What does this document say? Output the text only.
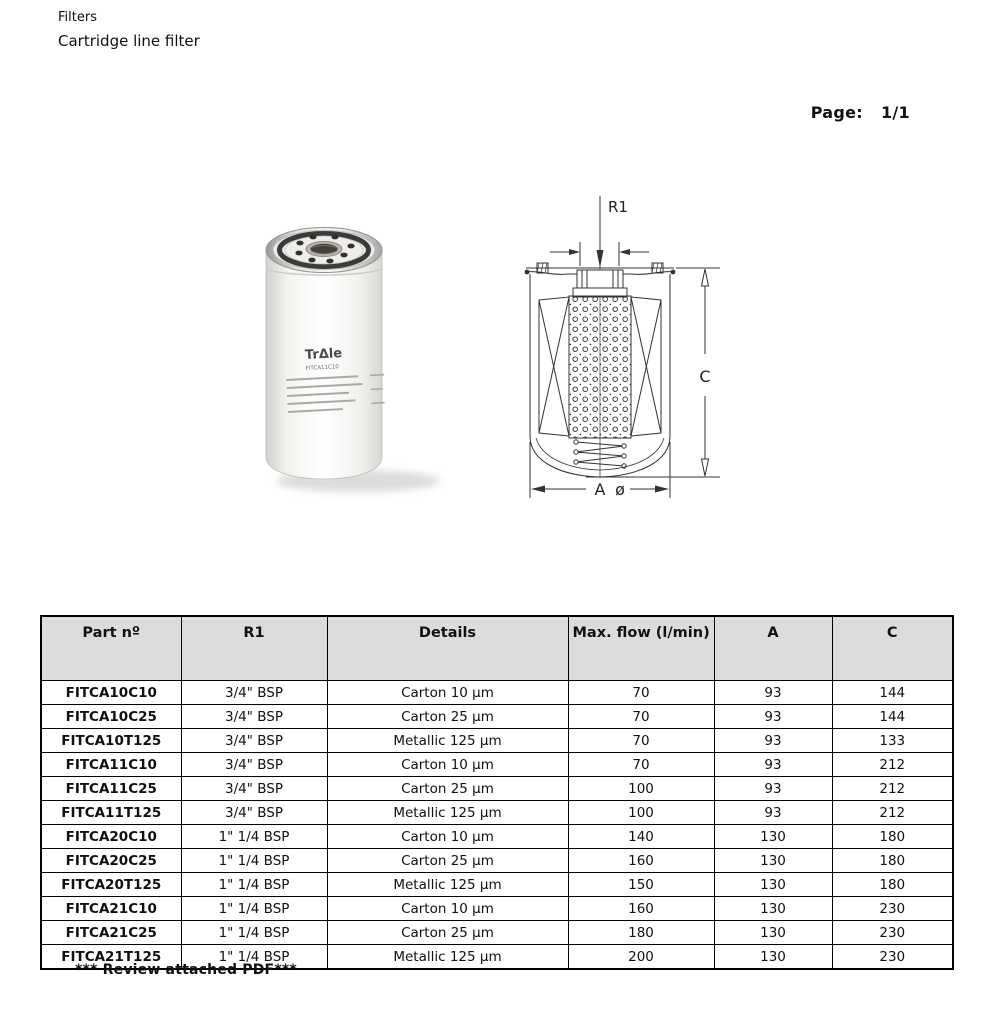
Filters
Cartridge line filter
Page: 1/1
TrΔle
FITCA11C10
R1
C
A ø
Part nº	R1	Details	Max. flow (l/min)	A	C
FITCA10C10	3/4" BSP	Carton 10 µm	70	93	144
FITCA10C25	3/4" BSP	Carton 25 µm	70	93	144
FITCA10T125	3/4" BSP	Metallic 125 µm	70	93	133
FITCA11C10	3/4" BSP	Carton 10 µm	70	93	212
FITCA11C25	3/4" BSP	Carton 25 µm	100	93	212
FITCA11T125	3/4" BSP	Metallic 125 µm	100	93	212
FITCA20C10	1" 1/4 BSP	Carton 10 µm	140	130	180
FITCA20C25	1" 1/4 BSP	Carton 25 µm	160	130	180
FITCA20T125	1" 1/4 BSP	Metallic 125 µm	150	130	180
FITCA21C10	1" 1/4 BSP	Carton 10 µm	160	130	230
FITCA21C25	1" 1/4 BSP	Carton 25 µm	180	130	230
FITCA21T125	1" 1/4 BSP	Metallic 125 µm	200	130	230
*** Review attached PDF***
